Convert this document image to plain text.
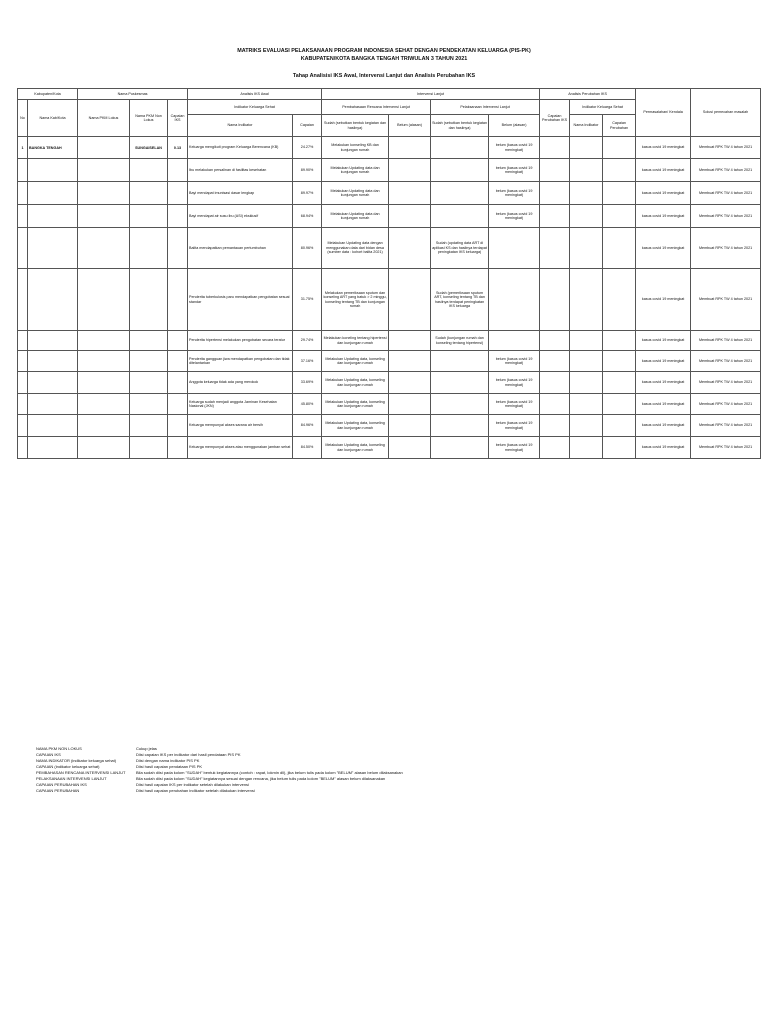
MATRIKS EVALUASI PELAKSANAAN PROGRAM INDONESIA SEHAT DENGAN PENDEKATAN KELUARGA (PIS-PK)
KABUPATEN/KOTA BANGKA TENGAH TRIWULAN 3 TAHUN 2021
Tahap Analisisi IKS Awal, Intervensi Lanjut dan Analisis Perubahan IKS
Kabupaten/Kota		Nama Puskesmas			Analisis IKS Awal		Intervensi Lanjut				Analisis Perubahan IKS			Permasalahan/ Kendala	Solusi pemecahan masalah
No	Nama Kab/Kota	Nama PKM Lokus	Nama PKM Non Lokus	Capaian IKS	Indikator Keluarga Sehat		Pembahasaan Rencana Intervensi Lanjut		Pelaksanaan Intervensi Lanjut		Capaian Perubahan IKS	Indikator Keluarga Sehat			
					Nama Indikator	Capaian	Sudah (sebutkan bentuk kegiatan dan hasilnya)	Belum (alasan)	Sudah (sebutkan bentuk kegiatan dan hasilnya)	Belum (alasan)		Nama Indikator	Capaian Perubahan		
1	BANGKA TENGAH		SUNGAISELAN	0.13	Keluarga mengikuti program Keluarga Berencana (KB)	24.27%	Melakukan konseling KB dan kunjungan rumah			belum (kasus covid 19 meningkat)				kasus covid 19 meningkat	Membuat RPK TW 4 tahun 2021
					Ibu melakukan persalinan di fasilitas kesehatan	89.90%	Melakukan Updating data dan kunjungan rumah			belum (kasus covid 19 meningkat)				kasus covid 19 meningkat	Membuat RPK TW 4 tahun 2021
					Bayi mendapat imunisasi dasar lengkap	89.97%	Melakukan Updating data dan kunjungan rumah			belum (kasus covid 19 meningkat)				kasus covid 19 meningkat	Membuat RPK TW 4 tahun 2021
					Bayi mendapat air susu ibu (ASI) eksklusif	68.94%	Melakukan Updating data dan kunjungan rumah			belum (kasus covid 19 meningkat)				kasus covid 19 meningkat	Membuat RPK TW 4 tahun 2021
					Balita mendapatkan pemantauan pertumbuhan	80.96%	Melakukan Updating data dengan menggunakan data dari bidan desa (sumber data : kohort balita 2021)		Sudah (updating data ART di aplikasi KS dan hasilnya terdapat peningkatan IKS keluarga)					kasus covid 19 meningkat	Membuat RPK TW 4 tahun 2021
					Penderita tuberkulosis paru mendapatkan pengobatan sesuai standar	31.75%	Melakukan pemeriksaan sputum dan konseling ART yang batuk > 2 minggu, konseling tentang TB dan kunjungan rumah		Sudah (pemeriksaan sputum ART, konseling tentang TB dan hasilnya terdapat peningkatan IKS keluarga					kasus covid 19 meningkat	Membuat RPK TW 4 tahun 2021
					Penderita hipertensi melakukan pengobatan secara teratur	29.74%	Melakukan koneling tentang hipertensi dan kunjungan rumah		Sudah (kunjungan rumah dan konseling tentang hipertensi)					kasus covid 19 meningkat	Membuat RPK TW 4 tahun 2021
					Penderita gangguan jiwa mendapatkan pengobatan dan tidak ditelantarkan	37.16%	Melakukan Updating data, konseling dan kunjungan rumah			belum (kasus covid 19 meningkat)				kasus covid 19 meningkat	Membuat RPK TW 4 tahun 2021
					Anggota keluarga tidak ada yang merokok	33.69%	Melakukan Updating data, konseling dan kunjungan rumah			belum (kasus covid 19 meningkat)				kasus covid 19 meningkat	Membuat RPK TW 4 tahun 2021
					Keluarga sudah menjadi anggota Jaminan Kesehatan Nasional (JKN)	45.80%	Melakukan Updating data, konseling dan kunjungan rumah			belum (kasus covid 19 meningkat)				kasus covid 19 meningkat	Membuat RPK TW 4 tahun 2021
					Keluarga mempunyai akses sarana air bersih	84.96%	Melakukan Updating data, konseling dan kunjungan rumah			belum (kasus covid 19 meningkat)				kasus covid 19 meningkat	Membuat RPK TW 4 tahun 2021
					Keluarga mempunyai akses atau menggunakan jamban sehat	84.50%	Melakukan Updating data, konseling dan kunjungan rumah			belum (kasus covid 19 meningkat)				kasus covid 19 meningkat	Membuat RPK TW 4 tahun 2021
NAMA PKM NON LOKUS	Cukup jelas
CAPAIAN IKS	Diisi capaian IKS per indikator dari hasil pendataan PIS PK
NAMA INDIKATOR (indikator keluarga sehat)	Diisi dengan nama indikator PIS PK
CAPAIAN (indikator keluarga sehat)	Diisi hasil capaian pendataan PIS PK
PEMBAHASAN RENCANA INTERVENSI LANJUT	Bila sudah diisi pada kolom "SUDAH" bentuk kegiatannya (contoh : rapat, lokmin dll), jika belum tulis pada kolom "BELUM" alasan belum dilaksanakan
PELAKSANAAN INTERVENSI LANJUT	Bila sudah diisi pada kolom "SUDAH" kegiatannya sesuai dengan rencana, jika belum tulis pada kolom "BELUM" alasan belum dilaksanakan
CAPAIAN PERUBAHAN IKS	Diisi hasil capaian IKS per indikator setelah dilakukan intervensi
CAPAIAN PERUBAHAN	Diisi hasil capaian perubahan indikator setelah dilakukan intervensi
